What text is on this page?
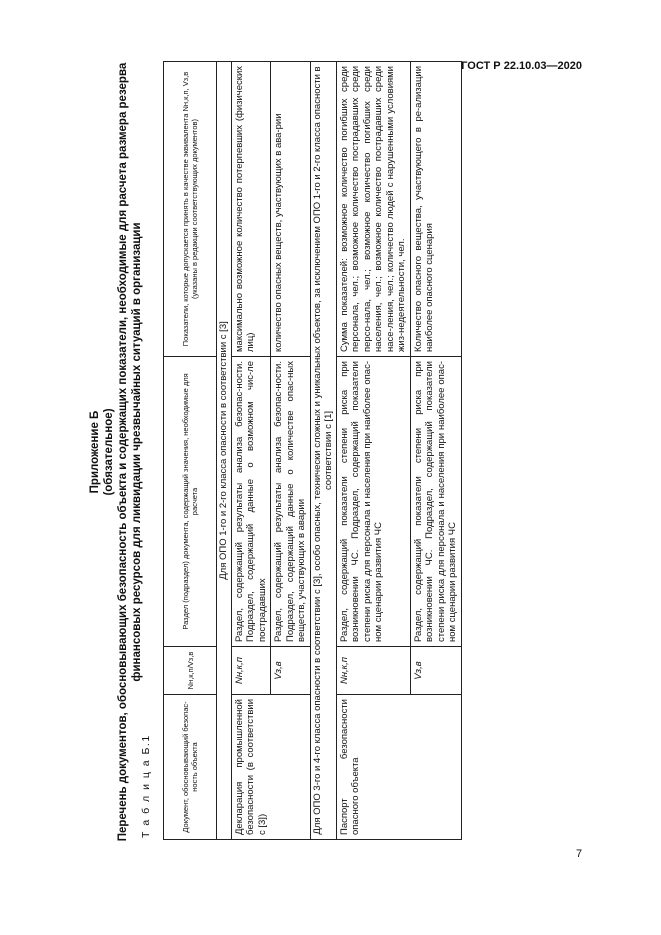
ГОСТ Р 22.10.03—2020
Приложение Б (обязательное) Перечень документов, обосновывающих безопасность объекта и содержащих показатели, необходимые для расчета размера резерва финансовых ресурсов для ликвидации чрезвычайных ситуаций в организации
Т а б л и ц а Б.1	Документ, обосновывающий безопас-ность объекта	Nн,к,п/Vз,в	Раздел (подраздел) документа, содержащий значения, необходимые для расчета	Показатели, которые допускается принять в качестве эквивалента Nн,к,п, Vз,в (указаны в редакции соответствующих документов)
Для ОПО 1-го и 2-го класса опасности в соответствии с [3]			
Декларация промышленной безопасности (в соответствии с [3])	Nн,к,п	Раздел, содержащий результаты анализа безопас-ности. Подраздел, содержащий данные о возможном чис-ле пострадавших	максимально возможное количество потерпевших (физических лиц)
	Vз,в	Раздел, содержащий результаты анализа безопас-ности. Подраздел, содержащий данные о количестве опас-ных веществ, участвующих в аварии	количество опасных веществ, участвующих в ава-рии
Для ОПО 3-го и 4-го класса опасности в соответствии с [3], особо опасных, технически сложных и уникальных объектов, за исключением ОПО 1-го и 2-го класса опасности в соответствии с [1]			
Паспорт безопасности опасного объекта	Nн,к,п	Раздел, содержащий показатели степени риска при возникновении ЧС. Подраздел, содержащий показатели степени риска для персонала и населения при наиболее опас-ном сценарии развития ЧС	Сумма показателей: возможное количество погибших среди персонала, чел.; возможное количество пострадавших среди персо-нала, чел.; возможное количество погибших среди населения, чел.; возможное количество пострадавших среди насе-ления, чел.; количество людей с нарушенными условиями жиз-недеятельности, чел.
	Vз,в	Раздел, содержащий показатели степени риска при возникновении ЧС. Подраздел, содержащий показатели степени риска для персонала и населения при наиболее опас-ном сценарии развития ЧС	Количество опасного вещества, участвующего в ре-ализации наиболее опасного сценария
7
